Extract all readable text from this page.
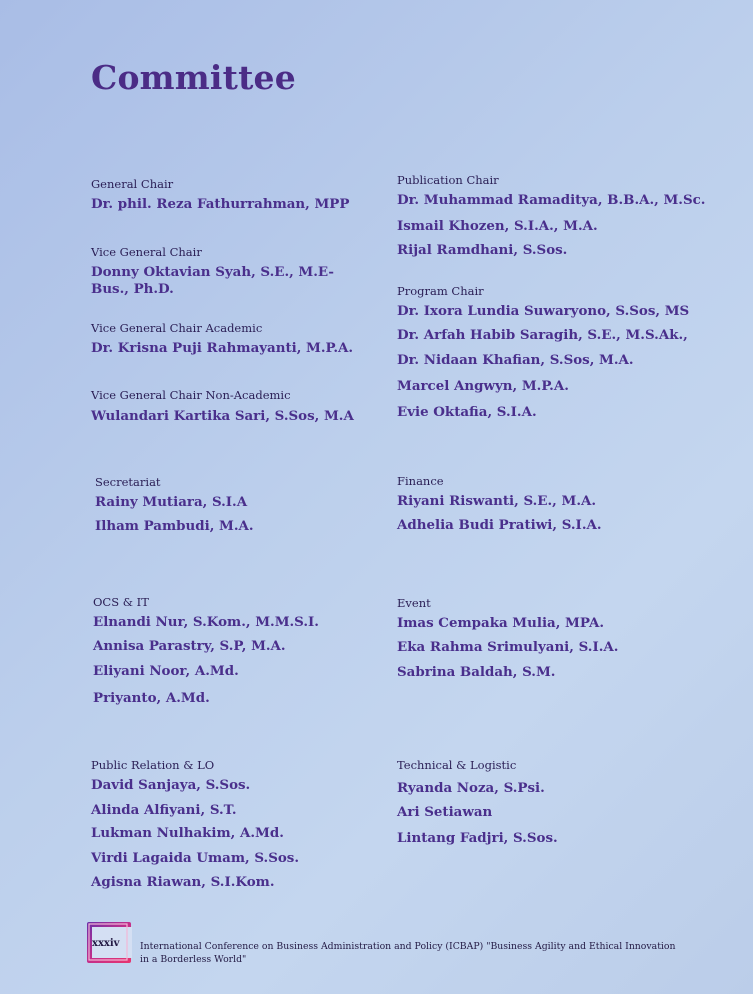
Committee
General Chair
Dr. phil. Reza Fathurrahman, MPP
Vice General Chair
Donny Oktavian Syah, S.E., M.E-Bus., Ph.D.
Vice General Chair Academic
Dr. Krisna Puji Rahmayanti, M.P.A.
Vice General Chair Non-Academic
Wulandari Kartika Sari, S.Sos, M.A
Secretariat
Rainy Mutiara, S.I.A
Ilham Pambudi, M.A.
OCS & IT
Elnandi Nur, S.Kom., M.M.S.I.
Annisa Parastry, S.P, M.A.
Eliyani Noor, A.Md.
Priyanto, A.Md.
Public Relation & LO
David Sanjaya, S.Sos.
Alinda Alfiyani, S.T.
Lukman Nulhakim, A.Md.
Virdi Lagaida Umam, S.Sos.
Agisna Riawan, S.I.Kom.
Publication Chair
Dr. Muhammad Ramaditya, B.B.A., M.Sc.
Ismail Khozen, S.I.A., M.A.
Rijal Ramdhani, S.Sos.
Program Chair
Dr. Ixora Lundia Suwaryono, S.Sos, MS
Dr. Arfah Habib Saragih, S.E., M.S.Ak.,
Dr. Nidaan Khafian, S.Sos, M.A.
Marcel Angwyn, M.P.A.
Evie Oktafia, S.I.A.
Finance
Riyani Riswanti, S.E., M.A.
Adhelia Budi Pratiwi, S.I.A.
Event
Imas Cempaka Mulia, MPA.
Eka Rahma Srimulyani, S.I.A.
Sabrina Baldah, S.M.
Technical & Logistic
Ryanda Noza, S.Psi.
Ari Setiawan
Lintang Fadjri, S.Sos.
xxxiv International Conference on Business Administration and Policy (ICBAP) "Business Agility and Ethical Innovation in a Borderless World"
